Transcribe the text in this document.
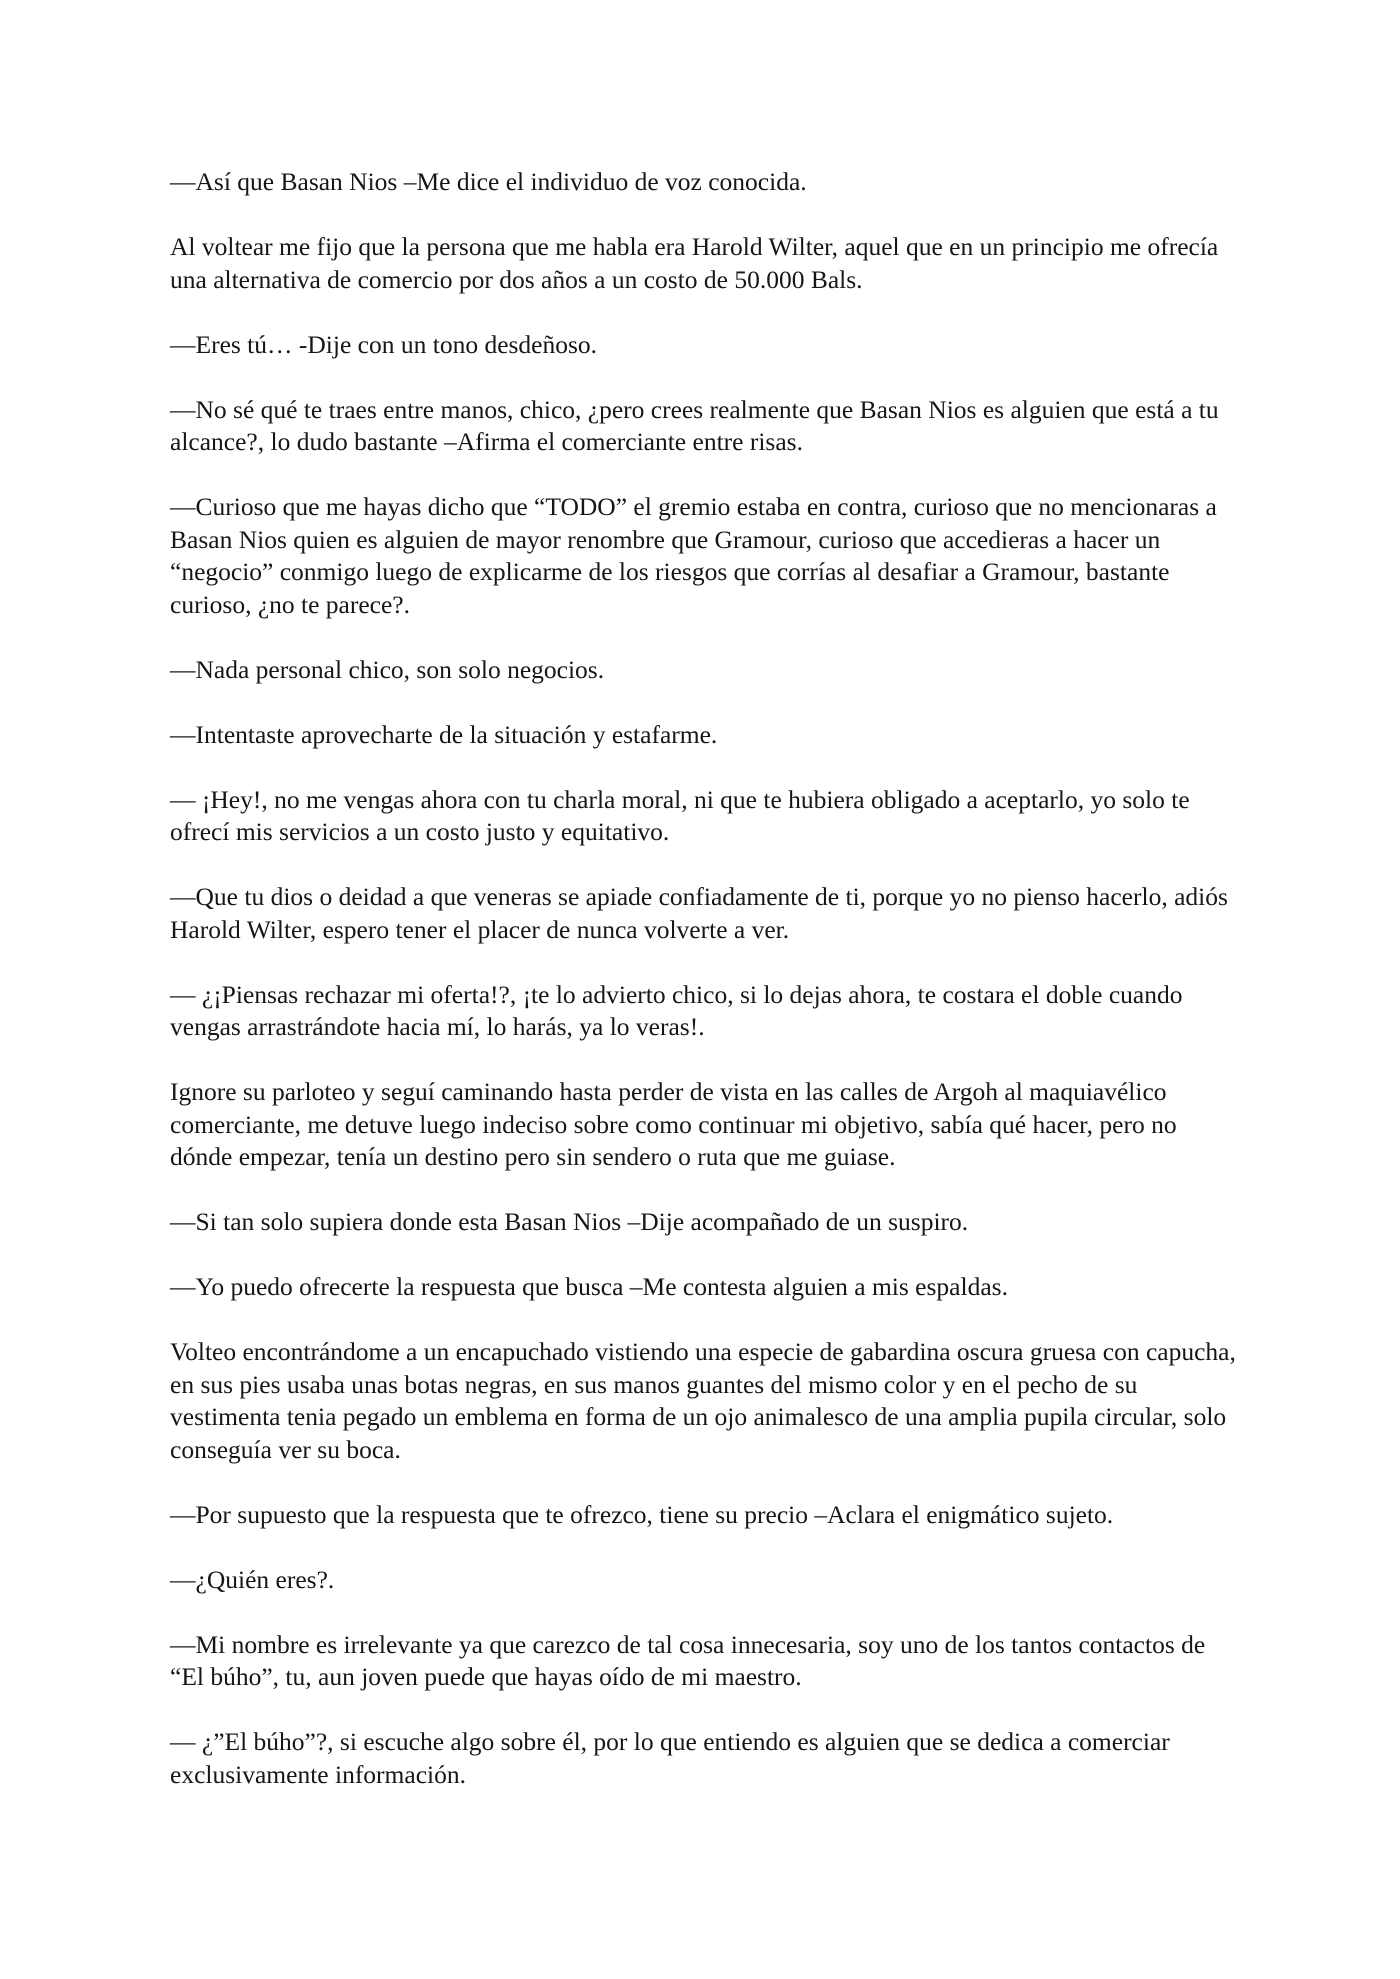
—Así que Basan Nios –Me dice el individuo de voz conocida.

Al voltear me fijo que la persona que me habla era Harold Wilter, aquel que en un principio me ofrecía una alternativa de comercio por dos años a un costo de 50.000 Bals.

—Eres tú… -Dije con un tono desdeñoso.

—No sé qué te traes entre manos, chico, ¿pero crees realmente que Basan Nios es alguien que está a tu alcance?, lo dudo bastante –Afirma el comerciante entre risas.

—Curioso que me hayas dicho que “TODO” el gremio estaba en contra, curioso que no mencionaras a Basan Nios quien es alguien de mayor renombre que Gramour, curioso que accedieras a hacer un “negocio” conmigo luego de explicarme de los riesgos que corrías al desafiar a Gramour, bastante curioso, ¿no te parece?.

—Nada personal chico, son solo negocios.

—Intentaste aprovecharte de la situación y estafarme.

— ¡Hey!, no me vengas ahora con tu charla moral, ni que te hubiera obligado a aceptarlo, yo solo te ofrecí mis servicios a un costo justo y equitativo.

—Que tu dios o deidad a que veneras se apiade confiadamente de ti, porque yo no pienso hacerlo, adiós Harold Wilter, espero tener el placer de nunca volverte a ver.

— ¿¡Piensas rechazar mi oferta!?, ¡te lo advierto chico, si lo dejas ahora, te costara el doble cuando vengas arrastrándote hacia mí, lo harás, ya lo veras!.

Ignore su parloteo y seguí caminando hasta perder de vista en las calles de Argoh al maquiavélico comerciante, me detuve luego indeciso sobre como continuar mi objetivo, sabía qué hacer, pero no dónde empezar, tenía un destino pero sin sendero o ruta que me guiase.

—Si tan solo supiera donde esta Basan Nios –Dije acompañado de un suspiro.

—Yo puedo ofrecerte la respuesta que busca –Me contesta alguien a mis espaldas.

Volteo encontrándome a un encapuchado vistiendo una especie de gabardina oscura gruesa con capucha, en sus pies usaba unas botas negras, en sus manos guantes del mismo color y en el pecho de su vestimenta tenia pegado un emblema en forma de un ojo animalesco de una amplia pupila circular, solo conseguía ver su boca.

—Por supuesto que la respuesta que te ofrezco, tiene su precio –Aclara el enigmático sujeto.

—¿Quién eres?.

—Mi nombre es irrelevante ya que carezco de tal cosa innecesaria, soy uno de los tantos contactos de “El búho”, tu, aun joven puede que hayas oído de mi maestro.

— ¿”El búho”?, si escuche algo sobre él, por lo que entiendo es alguien que se dedica a comerciar exclusivamente información.
